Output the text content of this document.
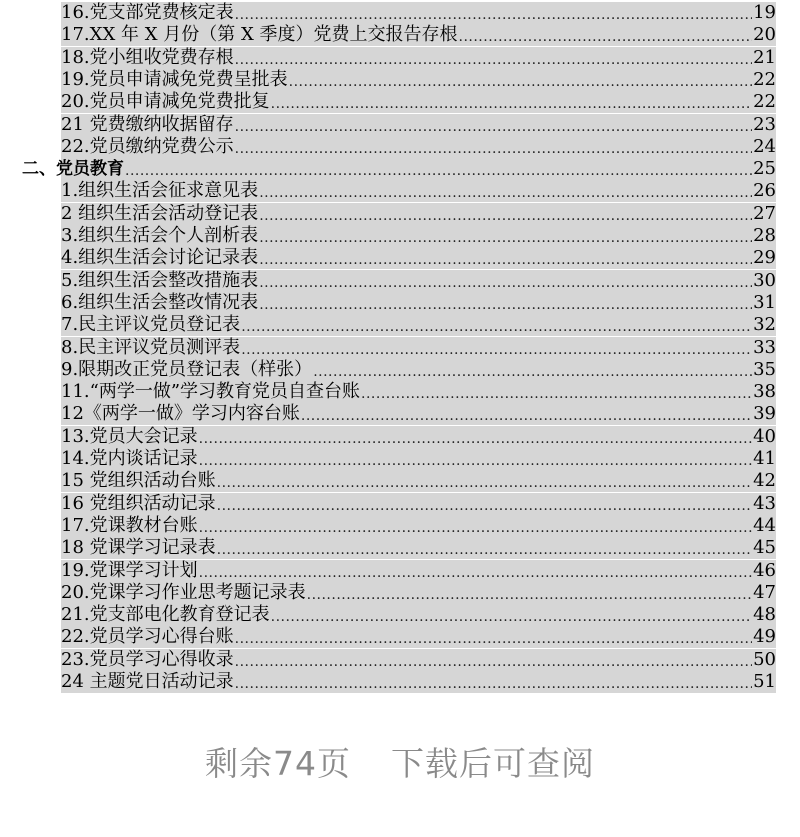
16.党支部党费核定表 .....	19
17.XX 年 X 月份（第 X 季度）党费上交报告存根 .....	20
18.党小组收党费存根 .....	21
19.党员申请减免党费呈批表 .....	22
20.党员申请减免党费批复 .....	22
21 党费缴纳收据留存 .....	23
22.党员缴纳党费公示 .....	24
二、党员教育 .....	25
1.组织生活会征求意见表 .....	26
2 组织生活会活动登记表 .....	27
3.组织生活会个人剖析表 .....	28
4.组织生活会讨论记录表 .....	29
5.组织生活会整改措施表 .....	30
6.组织生活会整改情况表 .....	31
7.民主评议党员登记表 .....	32
8.民主评议党员测评表 .....	33
9.限期改正党员登记表（样张） .....	35
11.“两学一做”学习教育党员自查台账 .....	38
12《两学一做》学习内容台账 .....	39
13.党员大会记录 .....	40
14.党内谈话记录 .....	41
15 党组织活动台账 .....	42
16 党组织活动记录 .....	43
17.党课教材台账 .....	44
18 党课学习记录表 .....	45
19.党课学习计划 .....	46
20.党课学习作业思考题记录表 .....	47
21.党支部电化教育登记表 .....	48
22.党员学习心得台账 .....	49
23.党员学习心得收录 .....	50
24 主题党日活动记录 .....	51
剩余74页 下载后可查阅
